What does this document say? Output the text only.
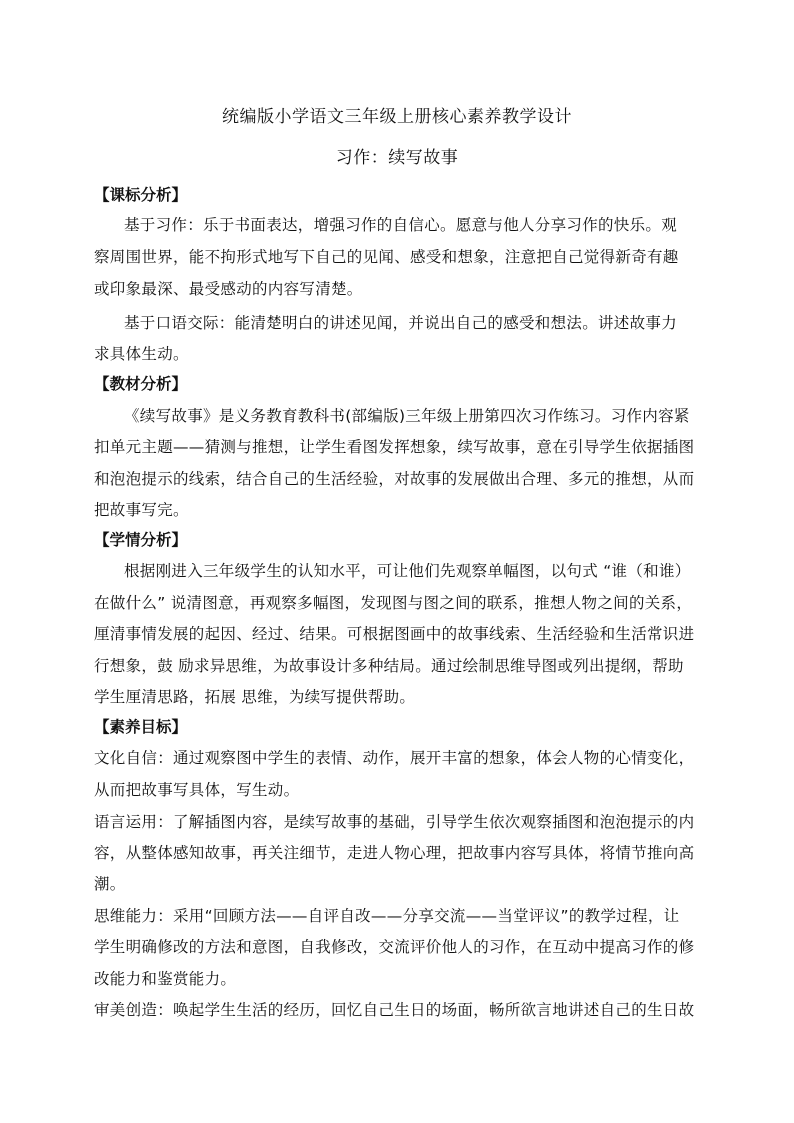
统编版小学语文三年级上册核心素养教学设计
习作：续写故事
【课标分析】
基于习作：乐于书面表达，增强习作的自信心。愿意与他人分享习作的快乐。观
察周围世界，能不拘形式地写下自己的见闻、感受和想象，注意把自己觉得新奇有趣
或印象最深、最受感动的内容写清楚。
基于口语交际：能清楚明白的讲述见闻，并说出自己的感受和想法。讲述故事力
求具体生动。
【教材分析】
《续写故事》是义务教育教科书(部编版)三年级上册第四次习作练习。习作内容紧
扣单元主题——猜测与推想，让学生看图发挥想象，续写故事，意在引导学生依据插图
和泡泡提示的线索，结合自己的生活经验，对故事的发展做出合理、多元的推想，从而
把故事写完。
【学情分析】
根据刚进入三年级学生的认知水平，可让他们先观察单幅图，以句式 “谁（和谁）
在做什么” 说清图意，再观察多幅图，发现图与图之间的联系，推想人物之间的关系，
厘清事情发展的起因、经过、结果。可根据图画中的故事线索、生活经验和生活常识进
行想象，鼓 励求异思维，为故事设计多种结局。通过绘制思维导图或列出提纲，帮助
学生厘清思路，拓展 思维，为续写提供帮助。
【素养目标】
文化自信：通过观察图中学生的表情、动作，展开丰富的想象，体会人物的心情变化，
从而把故事写具体，写生动。
语言运用：了解插图内容，是续写故事的基础，引导学生依次观察插图和泡泡提示的内
容，从整体感知故事，再关注细节，走进人物心理，把故事内容写具体，将情节推向高
潮。
思维能力：采用“回顾方法——自评自改——分享交流——当堂评议”的教学过程，让
学生明确修改的方法和意图，自我修改，交流评价他人的习作，在互动中提高习作的修
改能力和鉴赏能力。
审美创造：唤起学生生活的经历，回忆自己生日的场面，畅所欲言地讲述自己的生日故
